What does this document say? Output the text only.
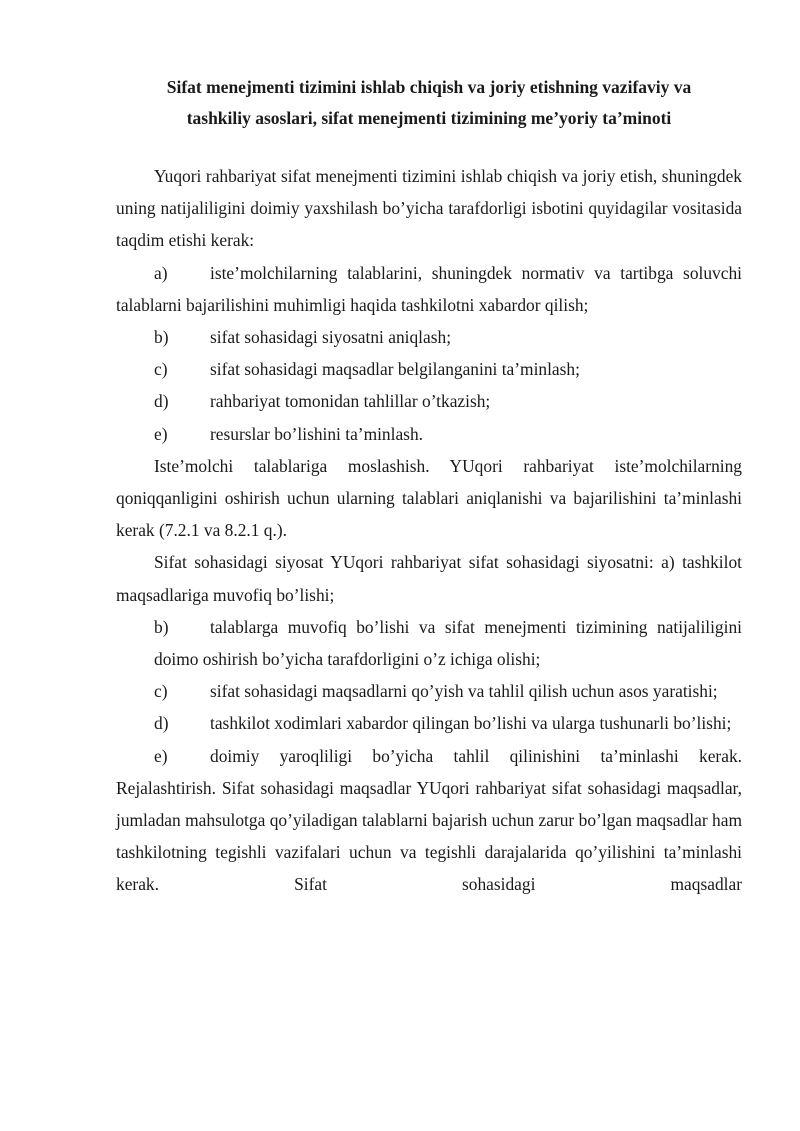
Sifat menejmenti tizimini ishlab chiqish va joriy etishning vazifaviy va
tashkiliy asoslari, sifat menejmenti tizimining me’yoriy ta’minoti

Yuqori rahbariyat sifat menejmenti tizimini ishlab chiqish va joriy etish, shuningdek uning natijaliligini doimiy yaxshilash bo’yicha tarafdorligi isbotini quyidagilar vositasida taqdim etishi kerak:

a) iste’molchilarning talablarini, shuningdek normativ va tartibga soluvchi talablarni bajarilishini muhimligi haqida tashkilotni xabardor qilish;

b) sifat sohasidagi siyosatni aniqlash;

c) sifat sohasidagi maqsadlar belgilanganini ta’minlash;

d) rahbariyat tomonidan tahlillar o’tkazish;

e) resurslar bo’lishini ta’minlash.

Iste’molchi talablariga moslashish. YUqori rahbariyat iste’molchilarning qoniqqanligini oshirish uchun ularning talablari aniqlanishi va bajarilishini ta’minlashi kerak (7.2.1 va 8.2.1 q.).

Sifat sohasidagi siyosat YUqori rahbariyat sifat sohasidagi siyosatni: a) tashkilot maqsadlariga muvofiq bo’lishi;

b) talablarga muvofiq bo’lishi va sifat menejmenti tizimining natijaliligini

doimo oshirish bo’yicha tarafdorligini o’z ichiga olishi;

c) sifat sohasidagi maqsadlarni qo’yish va tahlil qilish uchun asos yaratishi;

d) tashkilot xodimlari xabardor qilingan bo’lishi va ularga tushunarli bo’lishi;

e) doimiy yaroqliligi bo’yicha tahlil qilinishini ta’minlashi kerak. Rejalashtirish. Sifat sohasidagi maqsadlar YUqori rahbariyat sifat sohasidagi maqsadlar, jumladan mahsulotga qo’yiladigan talablarni bajarish uchun zarur bo’lgan maqsadlar ham tashkilotning tegishli vazifalari uchun va tegishli darajalarida qo’yilishini ta’minlashi kerak. Sifat sohasidagi maqsadlar
